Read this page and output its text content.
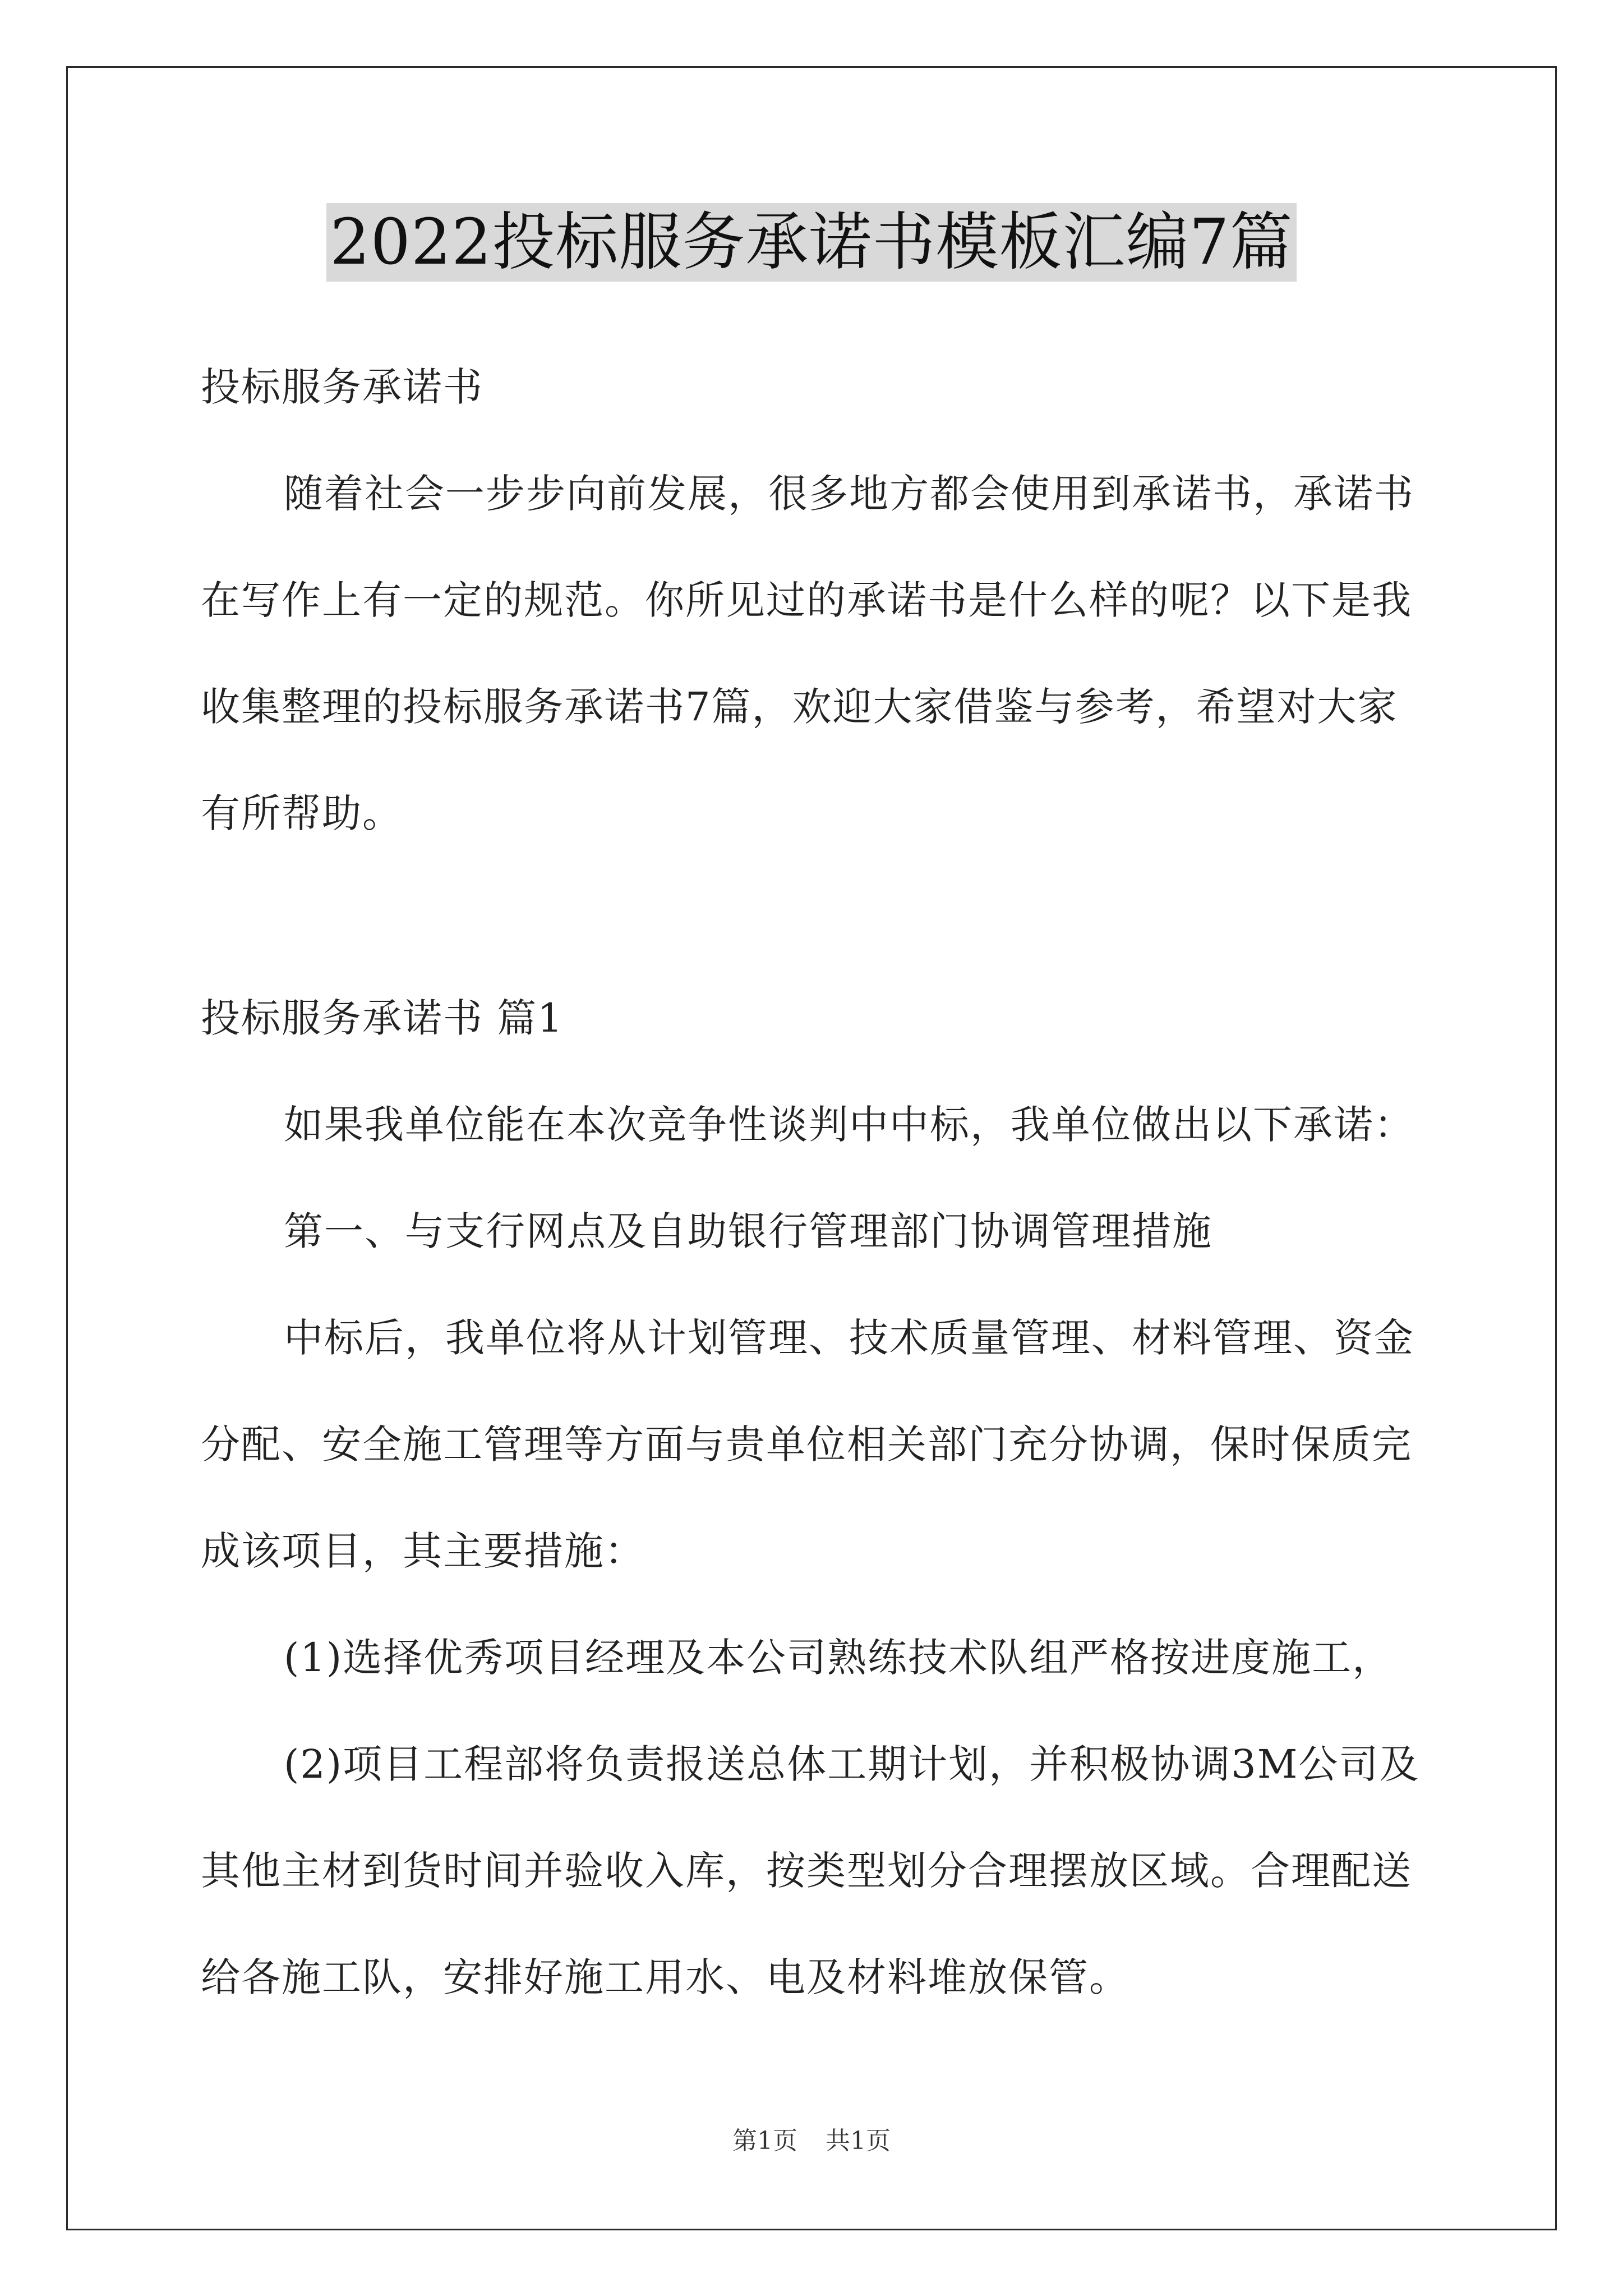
2022投标服务承诺书模板汇编7篇

投标服务承诺书

随着社会一步步向前发展，很多地方都会使用到承诺书，承诺书在写作上有一定的规范。你所见过的承诺书是什么样的呢？以下是我收集整理的投标服务承诺书7篇，欢迎大家借鉴与参考，希望对大家有所帮助。

投标服务承诺书 篇1

如果我单位能在本次竞争性谈判中中标，我单位做出以下承诺：

第一、与支行网点及自助银行管理部门协调管理措施

中标后，我单位将从计划管理、技术质量管理、材料管理、资金分配、安全施工管理等方面与贵单位相关部门充分协调，保时保质完成该项目，其主要措施：

(1)选择优秀项目经理及本公司熟练技术队组严格按进度施工，

(2)项目工程部将负责报送总体工期计划，并积极协调3M公司及其他主材到货时间并验收入库，按类型划分合理摆放区域。合理配送给各施工队，安排好施工用水、电及材料堆放保管。

第1页 共1页
